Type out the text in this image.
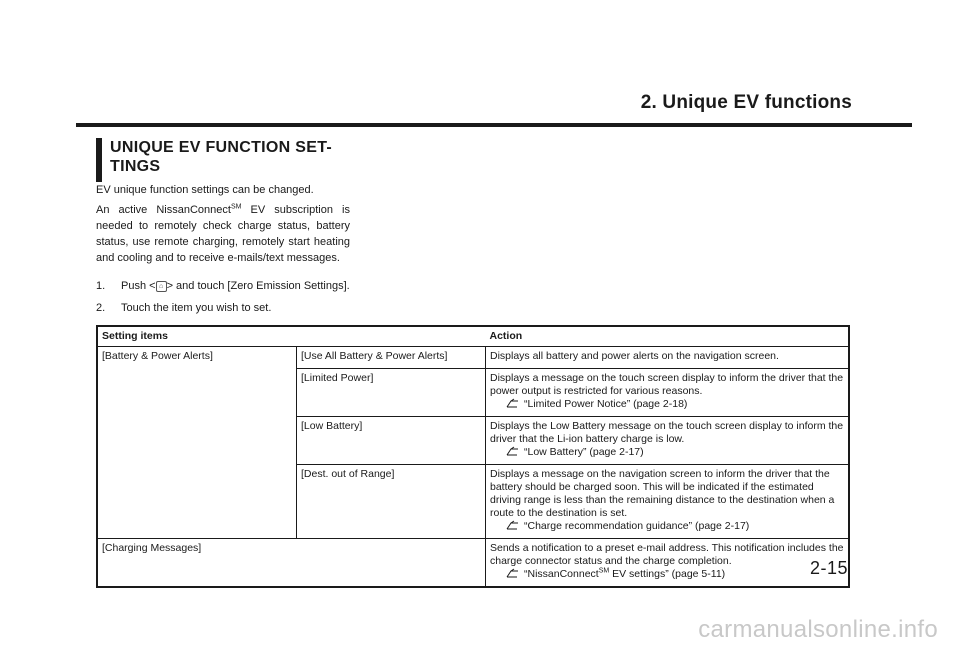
2. Unique EV functions
UNIQUE EV FUNCTION SET-
TINGS
EV unique function settings can be changed.
An active NissanConnect℠ EV subscription is needed to remotely check charge status, battery status, use remote charging, remotely start heating and cooling and to receive e-mails/text messages.
1. Push < ⌂ > and touch [Zero Emission Settings].
2. Touch the item you wish to set.
Setting items		Action
[Battery & Power Alerts]	[Use All Battery & Power Alerts]	Displays all battery and power alerts on the navigation screen.
	[Limited Power]	Displays a message on the touch screen display to inform the driver that the power output is restricted for various reasons.
“Limited Power Notice” (page 2-18)

	[Low Battery]	Displays the Low Battery message on the touch screen display to inform the driver that the Li-ion battery charge is low.
“Low Battery” (page 2-17)

	[Dest. out of Range]	Displays a message on the navigation screen to inform the driver that the battery should be charged soon. This will be indicated if the estimated driving range is less than the remaining distance to the destination when a route to the destination is set.
“Charge recommendation guidance” (page 2-17)

[Charging Messages]		Sends a notification to a preset e-mail address. This notification includes the charge connector status and the charge completion.
“NissanConnect℠ EV settings” (page 5-11)	2-15
carmanualsonline.info
